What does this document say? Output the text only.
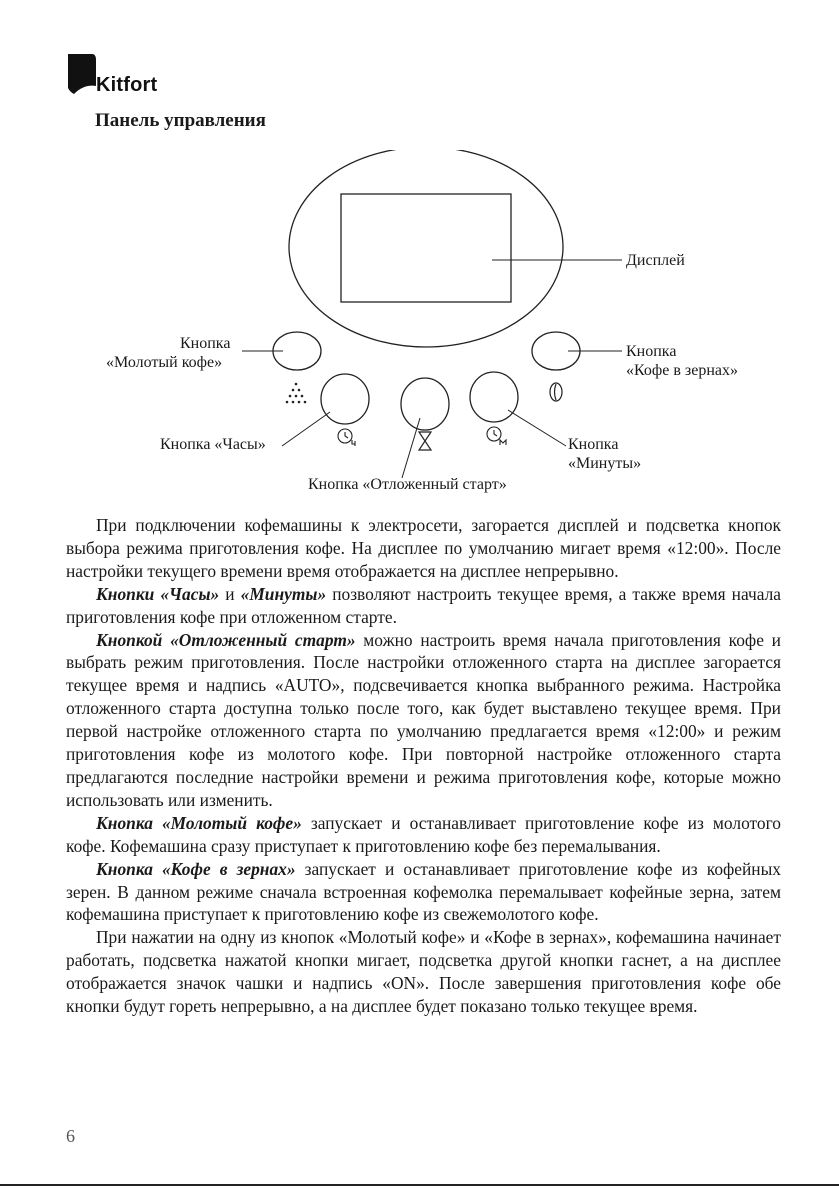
Kitfort
Панель управления
Дисплей
Кнопка
«Молотый кофе»
Кнопка
«Кофе в зернах»
Кнопка «Часы»
Кнопка «Отложенный старт»
Кнопка
«Минуты»

При подключении кофемашины к электросети, загорается дисплей и подсветка кнопок выбора режима приготовления кофе. На дисплее по умолчанию мигает время «12:00». После настройки текущего времени время отображается на дисплее непрерывно.

Кнопки «Часы» и «Минуты» позволяют настроить текущее время, а также время начала приготовления кофе при отложенном старте.

Кнопкой «Отложенный старт» можно настроить время начала приготовления кофе и выбрать режим приготовления. После настройки отложенного старта на дисплее загорается текущее время и надпись «AUTO», подсвечивается кнопка выбранного режима. Настройка отложенного старта доступна только после того, как будет выставлено текущее время. При первой настройке отложенного старта по умолчанию предлагается время «12:00» и режим приготовления кофе из молотого кофе. При повторной настройке отложенного старта предлагаются последние настройки времени и режима приготовления кофе, которые можно использовать или изменить.

Кнопка «Молотый кофе» запускает и останавливает приготовление кофе из молотого кофе. Кофемашина сразу приступает к приготовлению кофе без перемалывания.

Кнопка «Кофе в зернах» запускает и останавливает приготовление кофе из кофейных зерен. В данном режиме сначала встроенная кофемолка перемалывает кофейные зерна, затем кофемашина приступает к приготовлению кофе из свежемолотого кофе.

При нажатии на одну из кнопок «Молотый кофе» и «Кофе в зернах», кофемашина начинает работать, подсветка нажатой кнопки мигает, подсветка другой кнопки гаснет, а на дисплее отображается значок чашки и надпись «ON». После завершения приготовления кофе обе кнопки будут гореть непрерывно, а на дисплее будет показано только текущее время.

6
